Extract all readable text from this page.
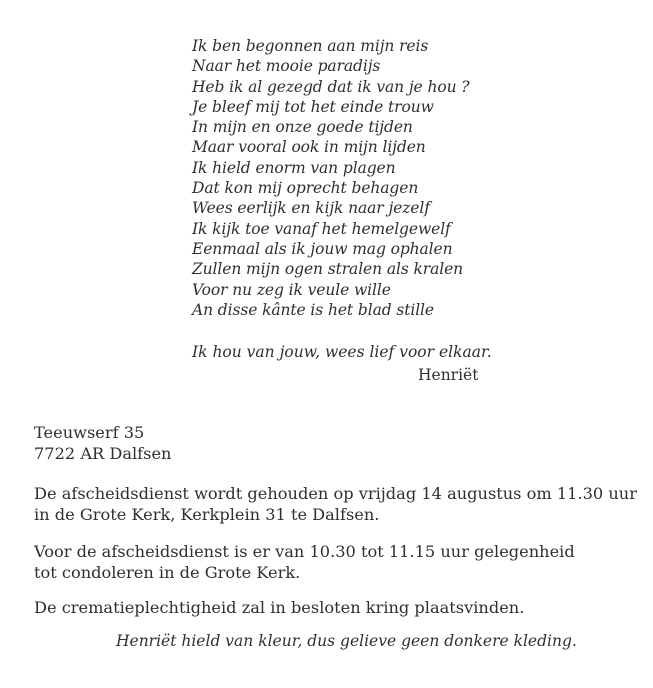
Ik ben begonnen aan mijn reis
Naar het mooie paradijs
Heb ik al gezegd dat ik van je hou ?
Je bleef mij tot het einde trouw
In mijn en onze goede tijden
Maar vooral ook in mijn lijden
Ik hield enorm van plagen
Dat kon mij oprecht behagen
Wees eerlijk en kijk naar jezelf
Ik kijk toe vanaf het hemelgewelf
Eenmaal als ik jouw mag ophalen
Zullen mijn ogen stralen als kralen
Voor nu zeg ik veule wille
An disse kânte is het blad stille
Ik hou van jouw, wees lief voor elkaar.
Henriët
Teeuwserf 35
7722 AR Dalfsen
De afscheidsdienst wordt gehouden op vrijdag 14 augustus om 11.30 uur
in de Grote Kerk, Kerkplein 31 te Dalfsen.
Voor de afscheidsdienst is er van 10.30 tot 11.15 uur gelegenheid
tot condoleren in de Grote Kerk.
De crematieplechtigheid zal in besloten kring plaatsvinden.
Henriët hield van kleur, dus gelieve geen donkere kleding.
